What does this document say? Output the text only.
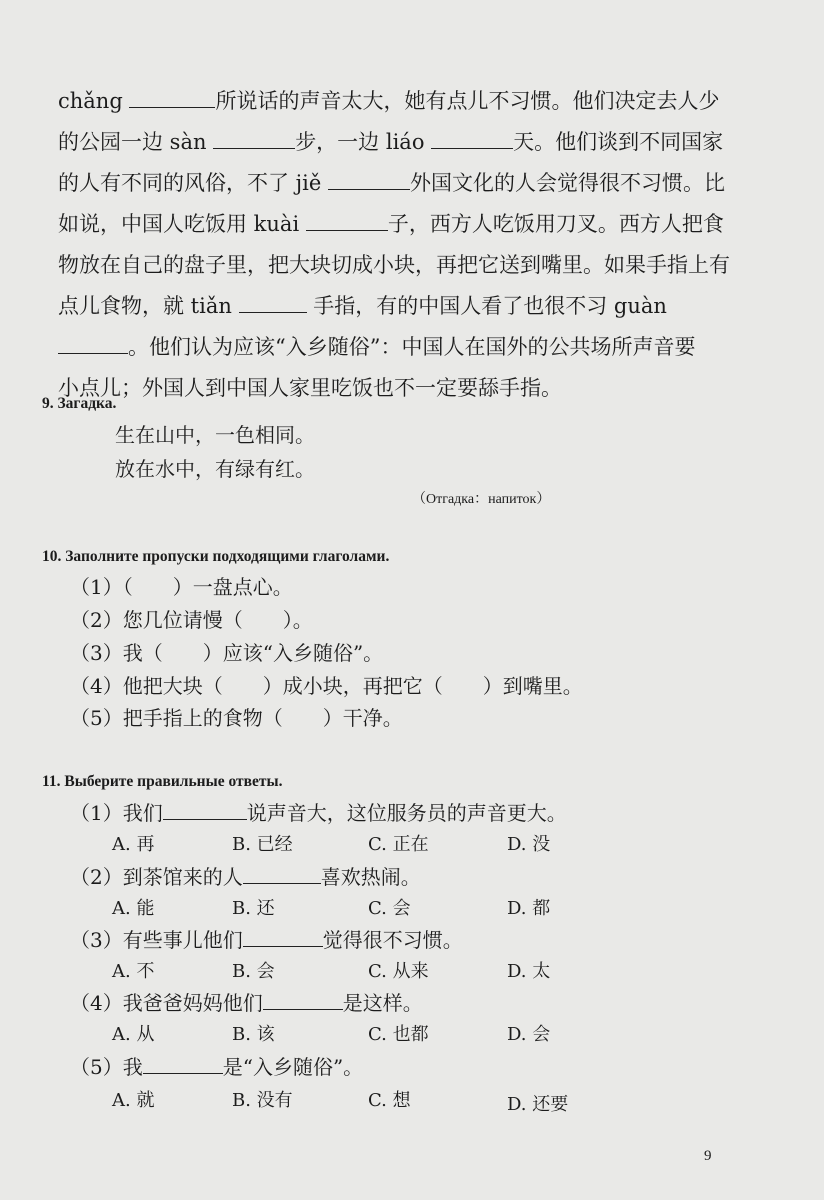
chǎng	所说话的声音太大，她有点儿不习惯。他们决定去人少
的公园一边 sàn	步，一边 liáo	天。他们谈到不同国家
的人有不同的风俗，不了 jiě	外国文化的人会觉得很不习惯。比
如说，中国人吃饭用 kuài	子，西方人吃饭用刀叉。西方人把食
物放在自己的盘子里，把大块切成小块，再把它送到嘴里。如果手指上有
点儿食物，就 tiǎn	手指，有的中国人看了也很不习 guàn
。他们认为应该“入乡随俗”：中国人在国外的公共场所声音要
小点儿；外国人到中国人家里吃饭也不一定要舔手指。
9. Загадка.
生在山中，一色相同。
放在水中，有绿有红。
（Отгадка：напиток）
10. Заполните пропуски подходящими глаголами.
（1）（　　 ）一盘点心。
（2）您几位请慢（　　 ）。
（3）我（　　 ）应该“入乡随俗”。
（4）他把大块（　　 ）成小块，再把它（　　 ）到嘴里。
（5）把手指上的食物（　　 ）干净。
11. Выберите правильные ответы.
（1）我们	说声音大，这位服务员的声音更大。
A. 再	B. 已经	C. 正在	D. 没
（2）到茶馆来的人	喜欢热闹。
A. 能	B. 还	C. 会	D. 都
（3）有些事儿他们	觉得很不习惯。
A. 不	B. 会	C. 从来	D. 太
（4）我爸爸妈妈他们	是这样。
A. 从	B. 该	C. 也都	D. 会
（5）我	是“入乡随俗”。
A. 就	B. 没有	C. 想	D. 还要
9
